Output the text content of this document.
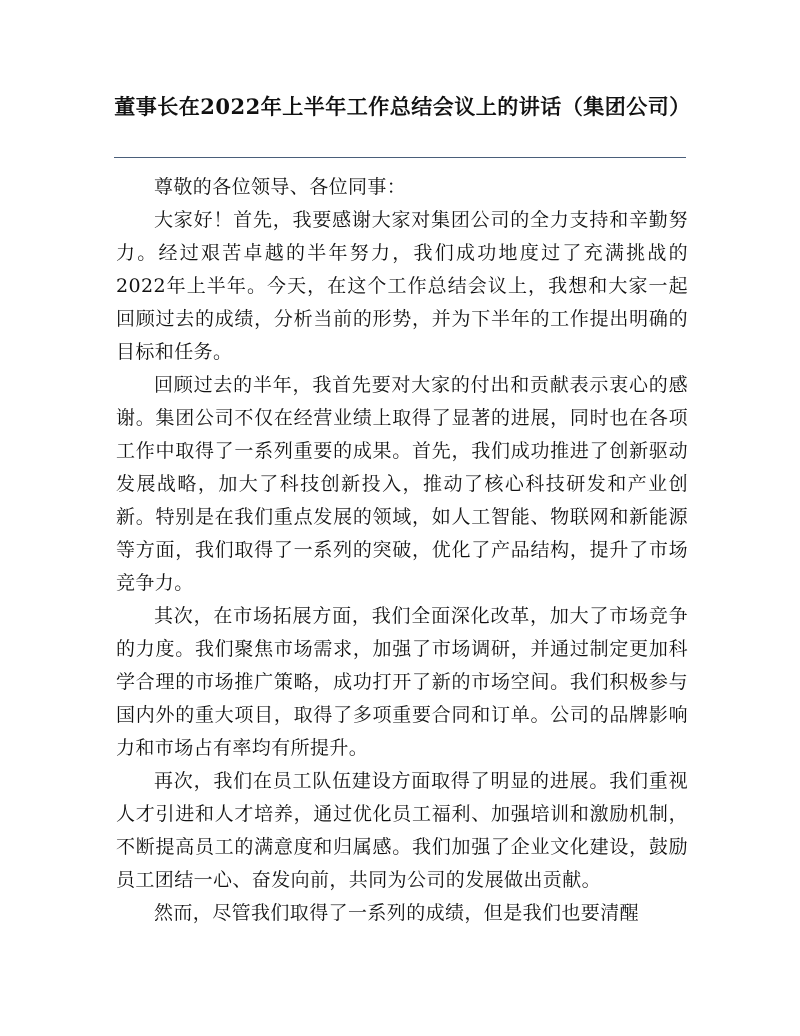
董事长在2022年上半年工作总结会议上的讲话（集团公司）

尊敬的各位领导、各位同事：

大家好！首先，我要感谢大家对集团公司的全力支持和辛勤努力。经过艰苦卓越的半年努力，我们成功地度过了充满挑战的2022年上半年。今天，在这个工作总结会议上，我想和大家一起回顾过去的成绩，分析当前的形势，并为下半年的工作提出明确的目标和任务。

回顾过去的半年，我首先要对大家的付出和贡献表示衷心的感谢。集团公司不仅在经营业绩上取得了显著的进展，同时也在各项工作中取得了一系列重要的成果。首先，我们成功推进了创新驱动发展战略，加大了科技创新投入，推动了核心科技研发和产业创新。特别是在我们重点发展的领域，如人工智能、物联网和新能源等方面，我们取得了一系列的突破，优化了产品结构，提升了市场竞争力。

其次，在市场拓展方面，我们全面深化改革，加大了市场竞争的力度。我们聚焦市场需求，加强了市场调研，并通过制定更加科学合理的市场推广策略，成功打开了新的市场空间。我们积极参与国内外的重大项目，取得了多项重要合同和订单。公司的品牌影响力和市场占有率均有所提升。

再次，我们在员工队伍建设方面取得了明显的进展。我们重视人才引进和人才培养，通过优化员工福利、加强培训和激励机制，不断提高员工的满意度和归属感。我们加强了企业文化建设，鼓励员工团结一心、奋发向前，共同为公司的发展做出贡献。

然而，尽管我们取得了一系列的成绩，但是我们也要清醒
